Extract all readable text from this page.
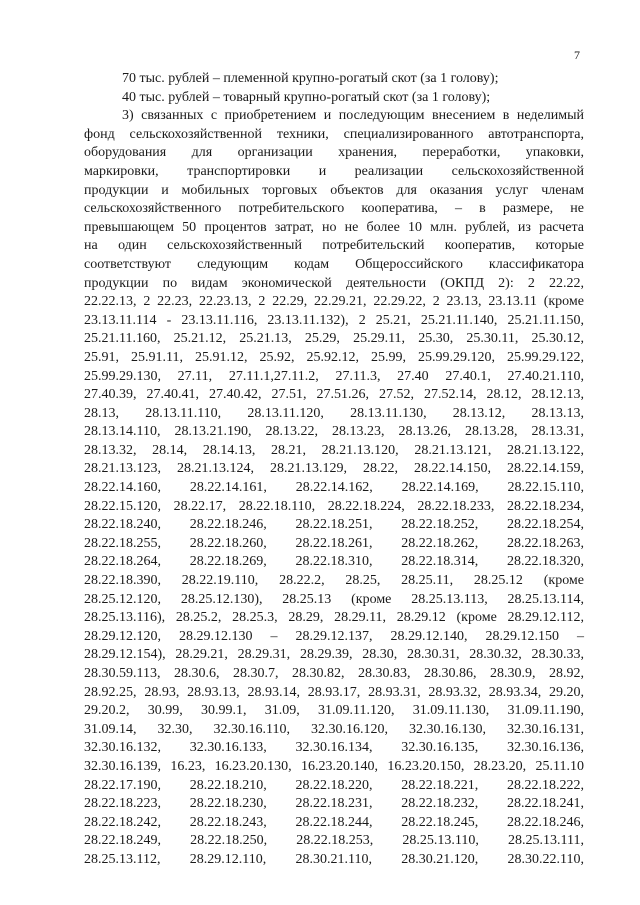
7
70 тыс. рублей – племенной крупно-рогатый скот (за 1 голову);
40 тыс. рублей – товарный крупно-рогатый скот (за 1 голову);
3) связанных с приобретением и последующим внесением в неделимый
фонд сельскохозяйственной техники, специализированного автотранспорта,
оборудования для организации хранения, переработки, упаковки,
маркировки, транспортировки и реализации сельскохозяйственной
продукции и мобильных торговых объектов для оказания услуг членам
сельскохозяйственного потребительского кооператива, – в размере, не
превышающем 50 процентов затрат, но не более 10 млн. рублей, из расчета
на один сельскохозяйственный потребительский кооператив, которые
соответствуют следующим кодам Общероссийского классификатора
продукции по видам экономической деятельности (ОКПД 2): 2 22.22,
22.22.13, 2 22.23, 22.23.13, 2 22.29, 22.29.21, 22.29.22, 2 23.13, 23.13.11 (кроме
23.13.11.114 - 23.13.11.116, 23.13.11.132), 2 25.21, 25.21.11.140, 25.21.11.150,
25.21.11.160, 25.21.12, 25.21.13, 25.29, 25.29.11, 25.30, 25.30.11, 25.30.12,
25.91, 25.91.11, 25.91.12, 25.92, 25.92.12, 25.99, 25.99.29.120, 25.99.29.122,
25.99.29.130, 27.11, 27.11.1,27.11.2, 27.11.3, 27.40 27.40.1, 27.40.21.110,
27.40.39, 27.40.41, 27.40.42, 27.51, 27.51.26, 27.52, 27.52.14, 28.12, 28.12.13,
28.13, 28.13.11.110, 28.13.11.120, 28.13.11.130, 28.13.12, 28.13.13,
28.13.14.110, 28.13.21.190, 28.13.22, 28.13.23, 28.13.26, 28.13.28, 28.13.31,
28.13.32, 28.14, 28.14.13, 28.21, 28.21.13.120, 28.21.13.121, 28.21.13.122,
28.21.13.123, 28.21.13.124, 28.21.13.129, 28.22, 28.22.14.150, 28.22.14.159,
28.22.14.160, 28.22.14.161, 28.22.14.162, 28.22.14.169, 28.22.15.110,
28.22.15.120, 28.22.17, 28.22.18.110, 28.22.18.224, 28.22.18.233, 28.22.18.234,
28.22.18.240, 28.22.18.246, 28.22.18.251, 28.22.18.252, 28.22.18.254,
28.22.18.255, 28.22.18.260, 28.22.18.261, 28.22.18.262, 28.22.18.263,
28.22.18.264, 28.22.18.269, 28.22.18.310, 28.22.18.314, 28.22.18.320,
28.22.18.390, 28.22.19.110, 28.22.2, 28.25, 28.25.11, 28.25.12 (кроме
28.25.12.120, 28.25.12.130), 28.25.13 (кроме 28.25.13.113, 28.25.13.114,
28.25.13.116), 28.25.2, 28.25.3, 28.29, 28.29.11, 28.29.12 (кроме 28.29.12.112,
28.29.12.120, 28.29.12.130 – 28.29.12.137, 28.29.12.140, 28.29.12.150 –
28.29.12.154), 28.29.21, 28.29.31, 28.29.39, 28.30, 28.30.31, 28.30.32, 28.30.33,
28.30.59.113, 28.30.6, 28.30.7, 28.30.82, 28.30.83, 28.30.86, 28.30.9, 28.92,
28.92.25, 28.93, 28.93.13, 28.93.14, 28.93.17, 28.93.31, 28.93.32, 28.93.34, 29.20,
29.20.2, 30.99, 30.99.1, 31.09, 31.09.11.120, 31.09.11.130, 31.09.11.190,
31.09.14, 32.30, 32.30.16.110, 32.30.16.120, 32.30.16.130, 32.30.16.131,
32.30.16.132, 32.30.16.133, 32.30.16.134, 32.30.16.135, 32.30.16.136,
32.30.16.139, 16.23, 16.23.20.130, 16.23.20.140, 16.23.20.150, 28.23.20, 25.11.10
28.22.17.190, 28.22.18.210, 28.22.18.220, 28.22.18.221, 28.22.18.222,
28.22.18.223, 28.22.18.230, 28.22.18.231, 28.22.18.232, 28.22.18.241,
28.22.18.242, 28.22.18.243, 28.22.18.244, 28.22.18.245, 28.22.18.246,
28.22.18.249, 28.22.18.250, 28.22.18.253, 28.25.13.110, 28.25.13.111,
28.25.13.112, 28.29.12.110, 28.30.21.110, 28.30.21.120, 28.30.22.110,
